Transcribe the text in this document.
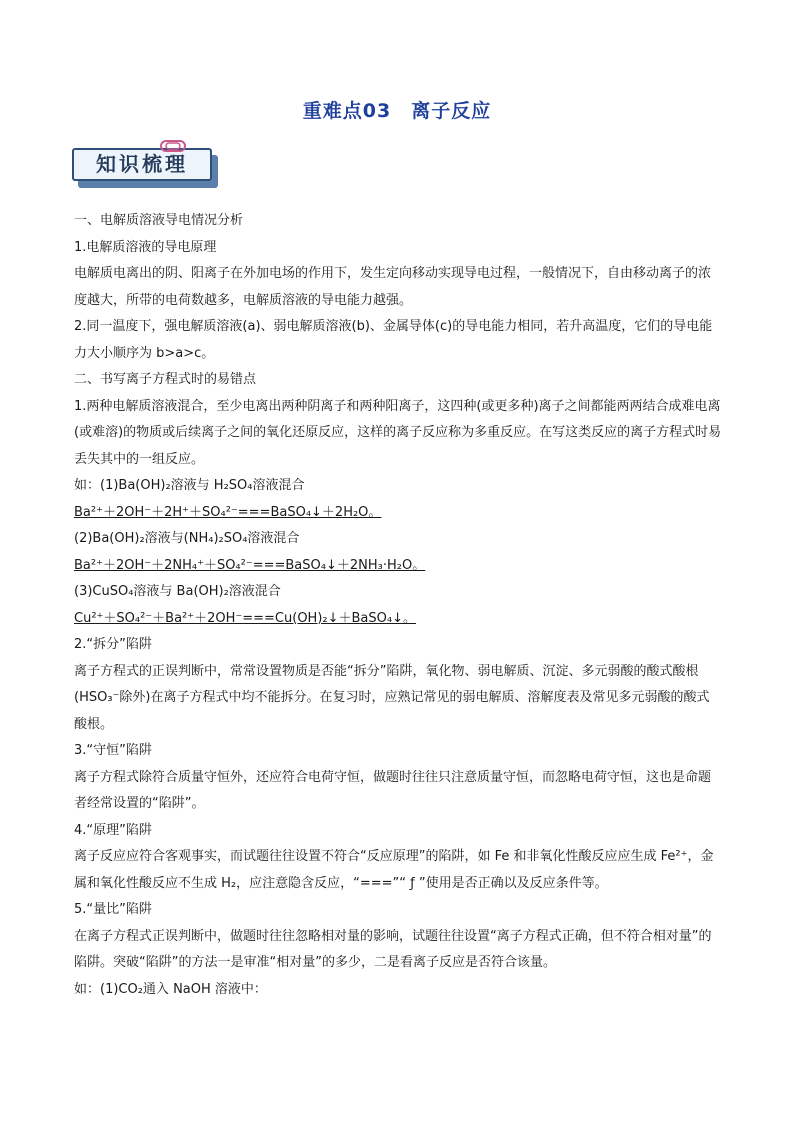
重难点03　离子反应
知识梳理

一、电解质溶液导电情况分析

1.电解质溶液的导电原理

电解质电离出的阴、阳离子在外加电场的作用下，发生定向移动实现导电过程，一般情况下，自由移动离子的浓度越大，所带的电荷数越多，电解质溶液的导电能力越强。

2.同一温度下，强电解质溶液(a)、弱电解质溶液(b)、金属导体(c)的导电能力相同，若升高温度，它们的导电能力大小顺序为 b>a>c。

二、书写离子方程式时的易错点

1.两种电解质溶液混合，至少电离出两种阴离子和两种阳离子，这四种(或更多种)离子之间都能两两结合成难电离(或难溶)的物质或后续离子之间的氧化还原反应，这样的离子反应称为多重反应。在写这类反应的离子方程式时易丢失其中的一组反应。

如：(1)Ba(OH)₂溶液与 H₂SO₄溶液混合

Ba²⁺＋2OH⁻＋2H⁺＋SO₄²⁻===BaSO₄↓＋2H₂O。

(2)Ba(OH)₂溶液与(NH₄)₂SO₄溶液混合

Ba²⁺＋2OH⁻＋2NH₄⁺＋SO₄²⁻===BaSO₄↓＋2NH₃·H₂O。

(3)CuSO₄溶液与 Ba(OH)₂溶液混合

Cu²⁺＋SO₄²⁻＋Ba²⁺＋2OH⁻===Cu(OH)₂↓＋BaSO₄↓。

2.“拆分”陷阱

离子方程式的正误判断中，常常设置物质是否能“拆分”陷阱，氧化物、弱电解质、沉淀、多元弱酸的酸式酸根(HSO₃⁻除外)在离子方程式中均不能拆分。在复习时，应熟记常见的弱电解质、溶解度表及常见多元弱酸的酸式酸根。

3.“守恒”陷阱

离子方程式除符合质量守恒外，还应符合电荷守恒，做题时往往只注意质量守恒，而忽略电荷守恒，这也是命题者经常设置的“陷阱”。

4.“原理”陷阱

离子反应应符合客观事实，而试题往往设置不符合“反应原理”的陷阱，如 Fe 和非氧化性酸反应应生成 Fe²⁺，金属和氧化性酸反应不生成 H₂，应注意隐含反应，“===”“ ƒ ”使用是否正确以及反应条件等。

5.“量比”陷阱

在离子方程式正误判断中，做题时往往忽略相对量的影响，试题往往设置“离子方程式正确，但不符合相对量”的陷阱。突破“陷阱”的方法一是审准“相对量”的多少，二是看离子反应是否符合该量。

如：(1)CO₂通入 NaOH 溶液中：
